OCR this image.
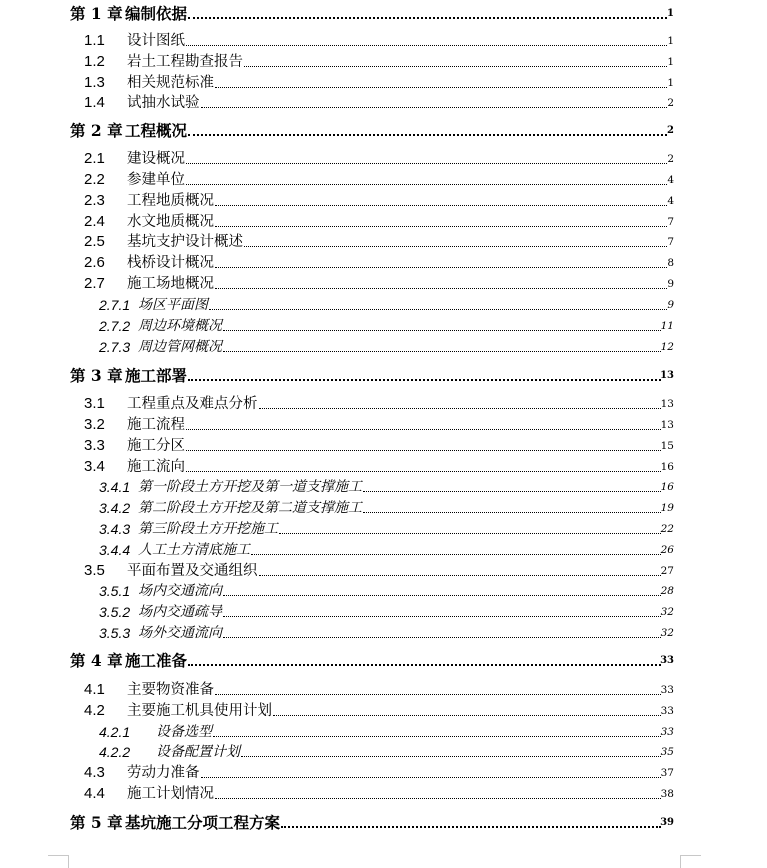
第 1 章 编制依据	1
1.1 设计图纸	1
1.2 岩土工程勘查报告	1
1.3 相关规范标准	1
1.4 试抽水试验	2
第 2 章 工程概况	2
2.1 建设概况	2
2.2 参建单位	4
2.3 工程地质概况	4
2.4 水文地质概况	7
2.5 基坑支护设计概述	7
2.6 栈桥设计概况	8
2.7 施工场地概况	9
2.7.1 场区平面图	9
2.7.2 周边环境概况	11
2.7.3 周边管网概况	12
第 3 章 施工部署	13
3.1 工程重点及难点分析	13
3.2 施工流程	13
3.3 施工分区	15
3.4 施工流向	16
3.4.1 第一阶段土方开挖及第一道支撑施工	16
3.4.2 第二阶段土方开挖及第二道支撑施工	19
3.4.3 第三阶段土方开挖施工	22
3.4.4 人工土方清底施工	26
3.5 平面布置及交通组织	27
3.5.1 场内交通流向	28
3.5.2 场内交通疏导	32
3.5.3 场外交通流向	32
第 4 章 施工准备	33
4.1 主要物资准备	33
4.2 主要施工机具使用计划	33
4.2.1 设备选型	33
4.2.2 设备配置计划	35
4.3 劳动力准备	37
4.4 施工计划情况	38
第 5 章 基坑施工分项工程方案	39
